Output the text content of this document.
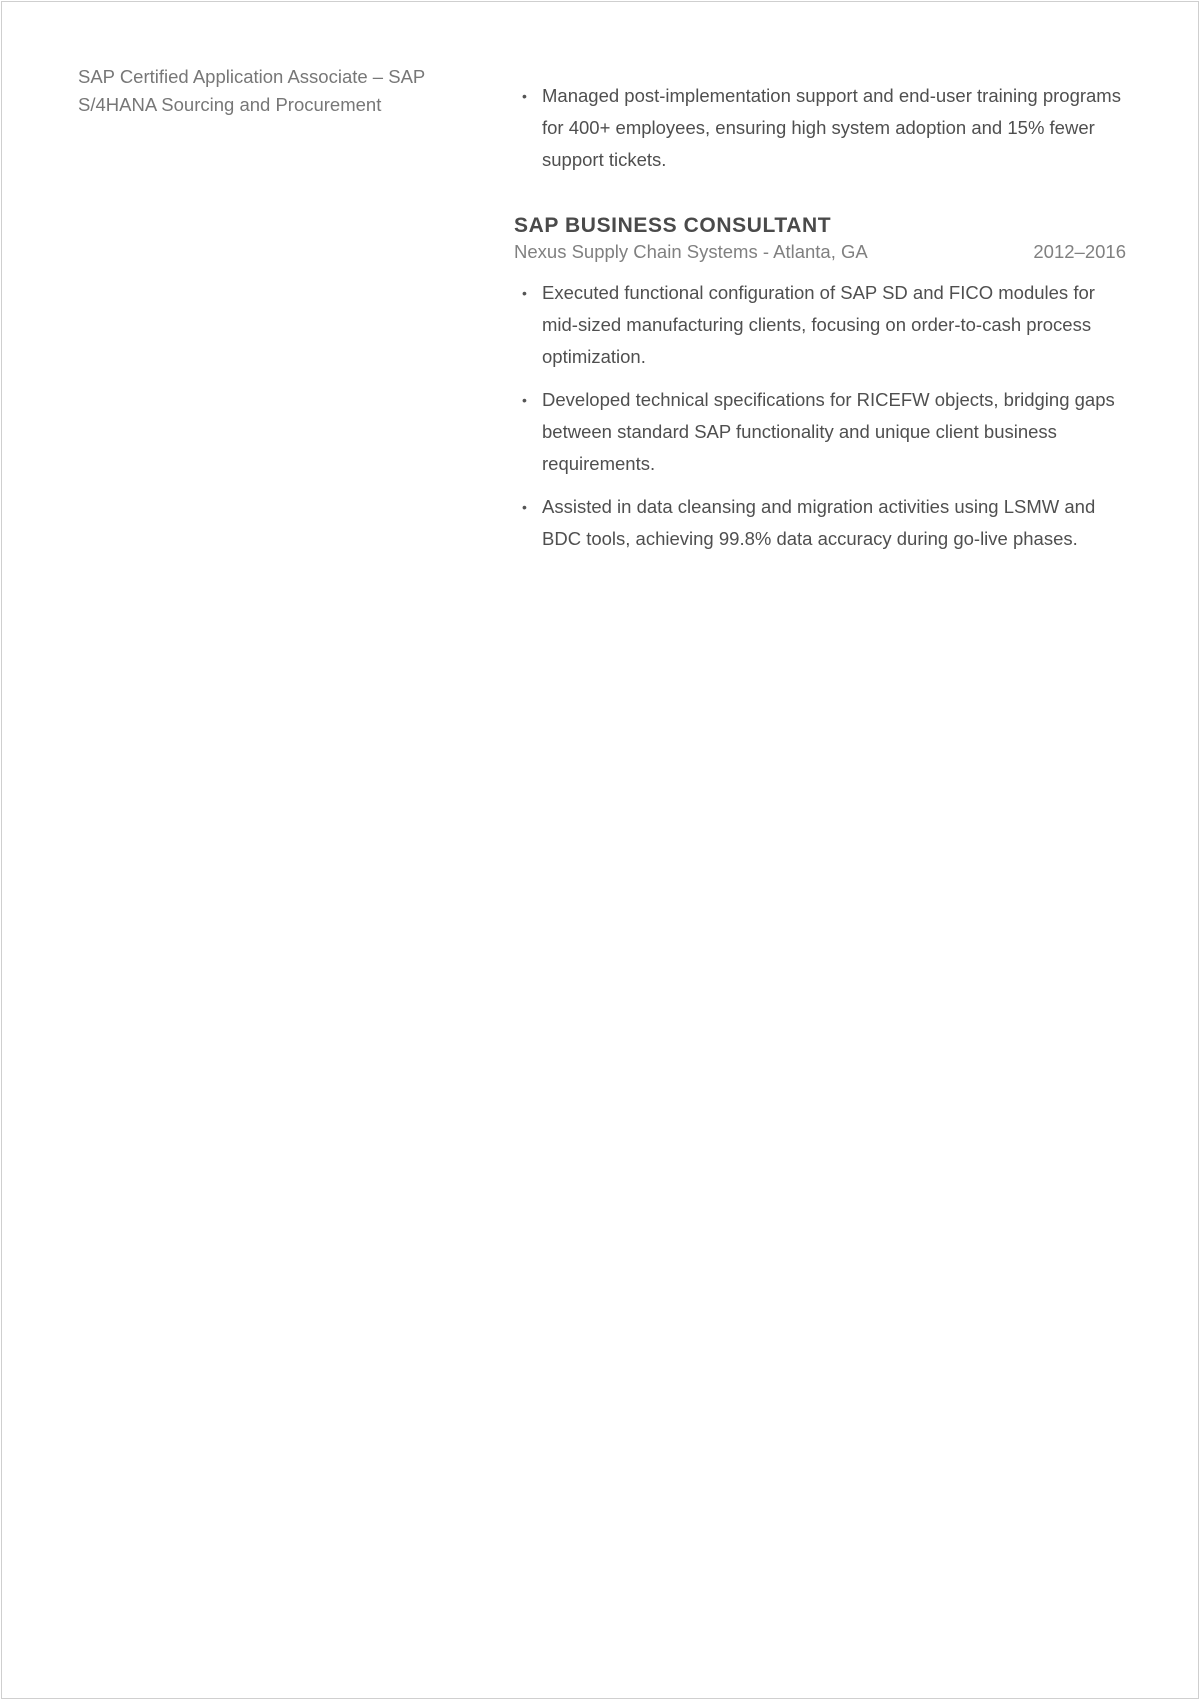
SAP Certified Application Associate – SAP S/4HANA Sourcing and Procurement	• Managed post-implementation support and end-user training programs for 400+ employees, ensuring high system adoption and 15% fewer support tickets.
SAP BUSINESS CONSULTANT
Nexus Supply Chain Systems - Atlanta, GA	2012–2016
• Executed functional configuration of SAP SD and FICO modules for mid-sized manufacturing clients, focusing on order-to-cash process optimization.
• Developed technical specifications for RICEFW objects, bridging gaps between standard SAP functionality and unique client business requirements.
• Assisted in data cleansing and migration activities using LSMW and BDC tools, achieving 99.8% data accuracy during go-live phases.
